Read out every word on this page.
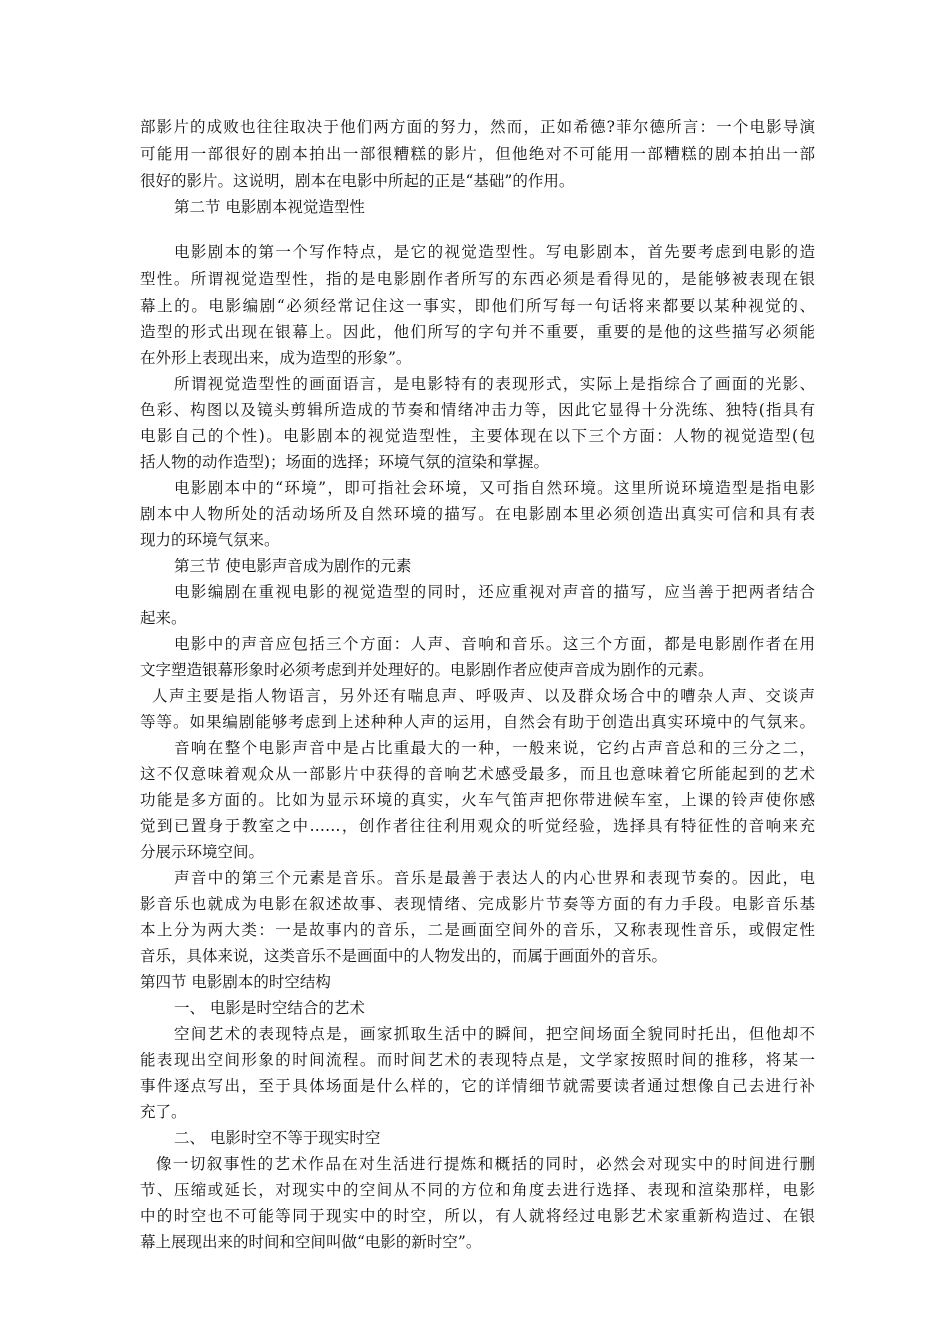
部影片的成败也往往取决于他们两方面的努力，然而，正如希德?菲尔德所言：一个电影导演
可能用一部很好的剧本拍出一部很糟糕的影片，但他绝对不可能用一部糟糕的剧本拍出一部
很好的影片。这说明，剧本在电影中所起的正是“基础”的作用。
第二节 电影剧本视觉造型性
电影剧本的第一个写作特点，是它的视觉造型性。写电影剧本，首先要考虑到电影的造
型性。所谓视觉造型性，指的是电影剧作者所写的东西必须是看得见的，是能够被表现在银
幕上的。电影编剧“必须经常记住这一事实，即他们所写每一句话将来都要以某种视觉的、
造型的形式出现在银幕上。因此，他们所写的字句并不重要，重要的是他的这些描写必须能
在外形上表现出来，成为造型的形象”。
所谓视觉造型性的画面语言，是电影特有的表现形式，实际上是指综合了画面的光影、
色彩、构图以及镜头剪辑所造成的节奏和情绪冲击力等，因此它显得十分洗练、独特(指具有
电影自己的个性)。电影剧本的视觉造型性，主要体现在以下三个方面：人物的视觉造型(包
括人物的动作造型)；场面的选择；环境气氛的渲染和掌握。
电影剧本中的“环境”，即可指社会环境，又可指自然环境。这里所说环境造型是指电影
剧本中人物所处的活动场所及自然环境的描写。在电影剧本里必须创造出真实可信和具有表
现力的环境气氛来。
第三节 使电影声音成为剧作的元素
电影编剧在重视电影的视觉造型的同时，还应重视对声音的描写，应当善于把两者结合
起来。
电影中的声音应包括三个方面：人声、音响和音乐。这三个方面，都是电影剧作者在用
文字塑造银幕形象时必须考虑到并处理好的。电影剧作者应使声音成为剧作的元素。
人声主要是指人物语言，另外还有喘息声、呼吸声、以及群众场合中的嘈杂人声、交谈声
等等。如果编剧能够考虑到上述种种人声的运用，自然会有助于创造出真实环境中的气氛来。
音响在整个电影声音中是占比重最大的一种，一般来说，它约占声音总和的三分之二，
这不仅意味着观众从一部影片中获得的音响艺术感受最多，而且也意味着它所能起到的艺术
功能是多方面的。比如为显示环境的真实，火车气笛声把你带进候车室，上课的铃声使你感
觉到已置身于教室之中……，创作者往往利用观众的听觉经验，选择具有特征性的音响来充
分展示环境空间。
声音中的第三个元素是音乐。音乐是最善于表达人的内心世界和表现节奏的。因此，电
影音乐也就成为电影在叙述故事、表现情绪、完成影片节奏等方面的有力手段。电影音乐基
本上分为两大类：一是故事内的音乐，二是画面空间外的音乐，又称表现性音乐，或假定性
音乐，具体来说，这类音乐不是画面中的人物发出的，而属于画面外的音乐。
第四节 电影剧本的时空结构
一、 电影是时空结合的艺术
空间艺术的表现特点是，画家抓取生活中的瞬间，把空间场面全貌同时托出，但他却不
能表现出空间形象的时间流程。而时间艺术的表现特点是，文学家按照时间的推移，将某一
事件逐点写出，至于具体场面是什么样的，它的详情细节就需要读者通过想像自己去进行补
充了。
二、 电影时空不等于现实时空
像一切叙事性的艺术作品在对生活进行提炼和概括的同时，必然会对现实中的时间进行删
节、压缩或延长，对现实中的空间从不同的方位和角度去进行选择、表现和渲染那样，电影
中的时空也不可能等同于现实中的时空，所以，有人就将经过电影艺术家重新构造过、在银
幕上展现出来的时间和空间叫做“电影的新时空”。
